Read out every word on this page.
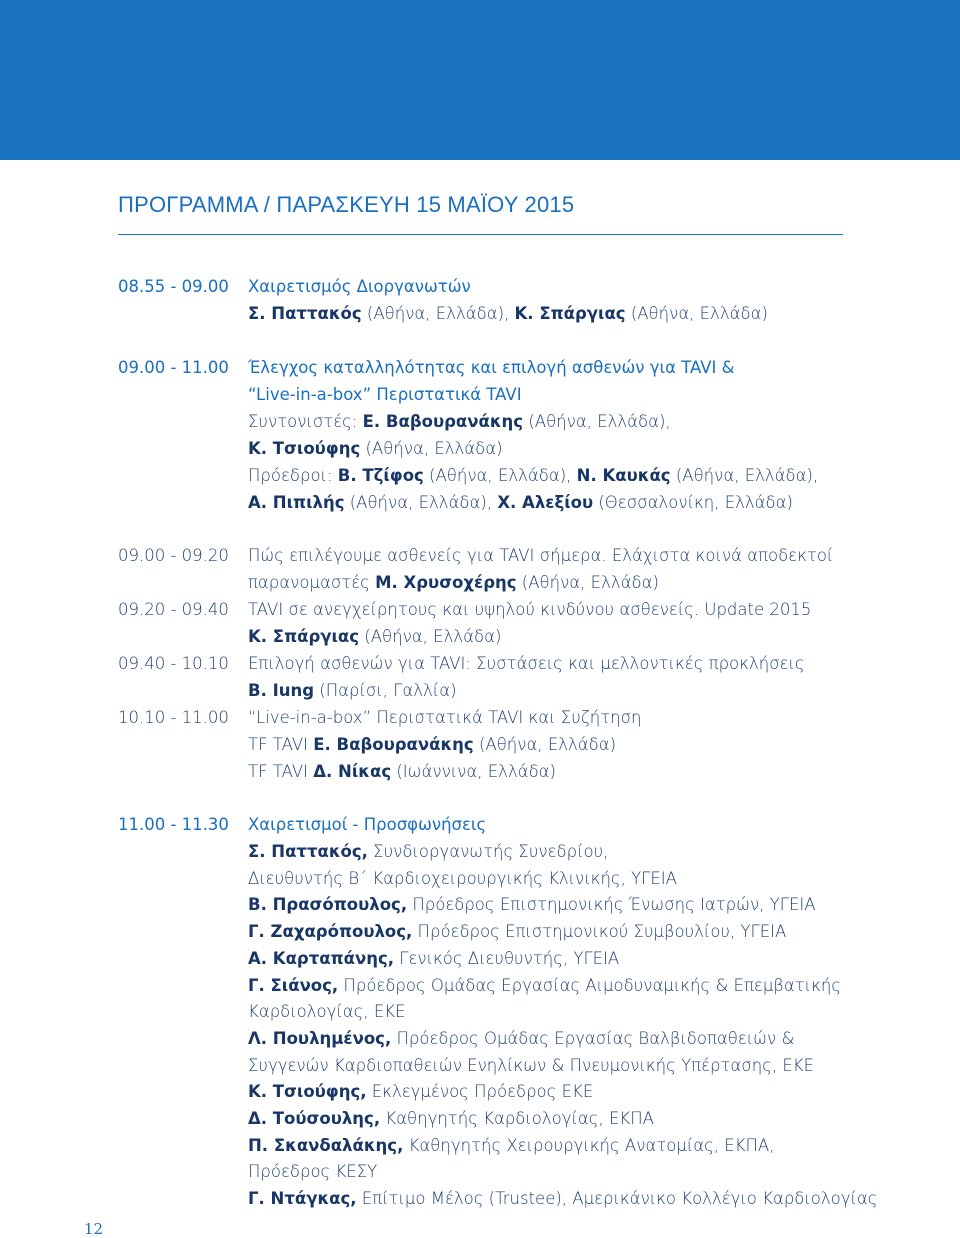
ΠΡΟΓΡΑΜΜΑ / ΠΑΡΑΣΚΕΥΗ 15 ΜΑΪΟΥ 2015
08.55 - 09.00 Χαιρετισμός Διοργανωτών
Σ. Παττακός (Αθήνα, Ελλάδα), Κ. Σπάργιας (Αθήνα, Ελλάδα)
09.00 - 11.00 Έλεγχος καταλληλότητας και επιλογή ασθενών για TAVI &
“Live-in-a-box” Περιστατικά TAVI
Συντονιστές: Ε. Βαβουρανάκης (Αθήνα, Ελλάδα),
Κ. Τσιούφης (Αθήνα, Ελλάδα)
Πρόεδροι: Β. Τζίφος (Αθήνα, Ελλάδα), Ν. Καυκάς (Αθήνα, Ελλάδα),
Α. Πιπιλής (Αθήνα, Ελλάδα), Χ. Αλεξίου (Θεσσαλονίκη, Ελλάδα)
09.00 - 09.20 Πώς επιλέγουμε ασθενείς για TAVI σήμερα. Ελάχιστα κοινά αποδεκτοί
παρανομαστές Μ. Χρυσοχέρης (Αθήνα, Ελλάδα)
09.20 - 09.40 TAVI σε ανεγχείρητους και υψηλού κινδύνου ασθενείς. Update 2015
Κ. Σπάργιας (Αθήνα, Ελλάδα)
09.40 - 10.10 Επιλογή ασθενών για TAVI: Συστάσεις και μελλοντικές προκλήσεις
B. Iung (Παρίσι, Γαλλία)
10.10 - 11.00 “Live-in-a-box” Περιστατικά TAVI και Συζήτηση
TF TAVI Ε. Βαβουρανάκης (Αθήνα, Ελλάδα)
TF TAVI Δ. Νίκας (Ιωάννινα, Ελλάδα)
11.00 - 11.30 Χαιρετισμοί - Προσφωνήσεις
Σ. Παττακός, Συνδιοργανωτής Συνεδρίου,
Διευθυντής Β΄ Καρδιοχειρουργικής Κλινικής, ΥΓΕΙΑ
Β. Πρασόπουλος, Πρόεδρος Επιστημονικής Ένωσης Ιατρών, ΥΓΕΙΑ
Γ. Ζαχαρόπουλος, Πρόεδρος Επιστημονικού Συμβουλίου, ΥΓΕΙΑ
Α. Καρταπάνης, Γενικός Διευθυντής, ΥΓΕΙΑ
Γ. Σιάνος, Πρόεδρος Ομάδας Εργασίας Αιμοδυναμικής & Επεμβατικής
Καρδιολογίας, ΕΚΕ
Λ. Πουλημένος, Πρόεδρος Ομάδας Εργασίας Βαλβιδοπαθειών &
Συγγενών Καρδιοπαθειών Ενηλίκων & Πνευμονικής Υπέρτασης, ΕΚΕ
Κ. Τσιούφης, Εκλεγμένος Πρόεδρος ΕΚΕ
Δ. Τούσουλης, Καθηγητής Καρδιολογίας, ΕΚΠΑ
Π. Σκανδαλάκης, Καθηγητής Χειρουργικής Ανατομίας, ΕΚΠΑ,
Πρόεδρος ΚΕΣΥ
Γ. Ντάγκας, Επίτιμο Μέλος (Trustee), Αμερικάνικο Κολλέγιο Καρδιολογίας
12
